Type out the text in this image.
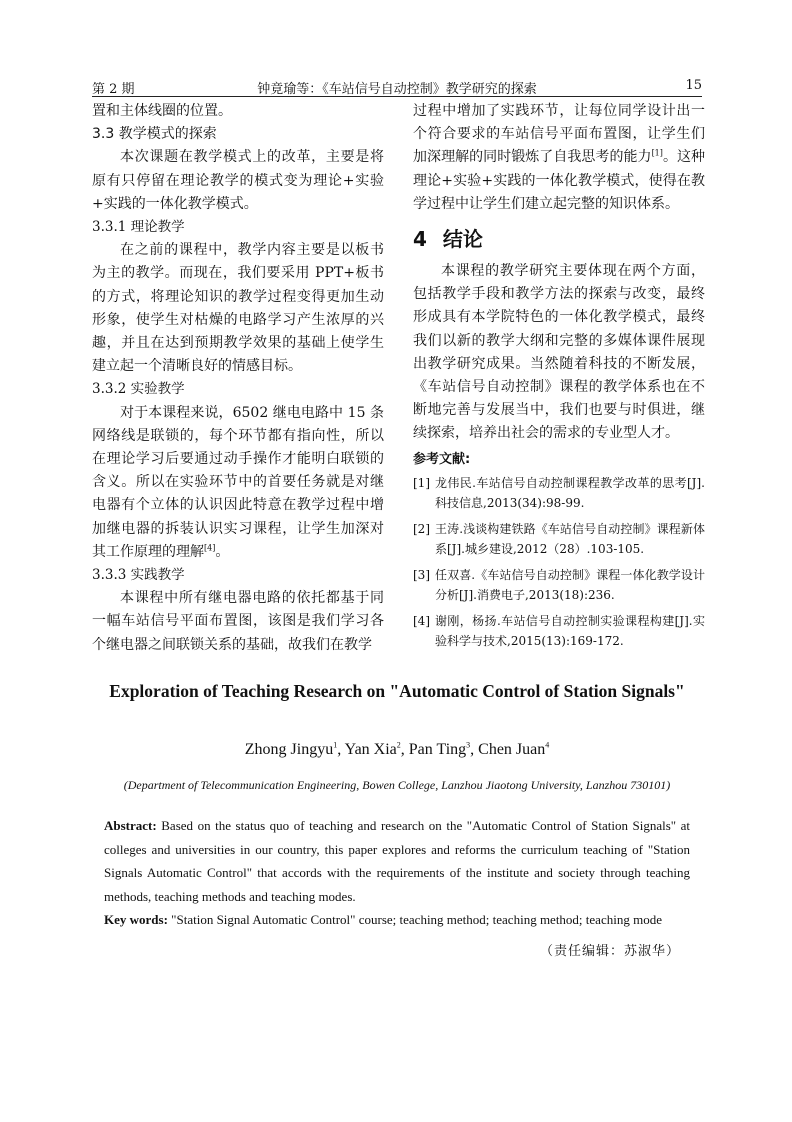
第 2 期	钟竟瑜等：《车站信号自动控制》教学研究的探索	15

置和主体线圈的位置。

3.3 教学模式的探索

本次课题在教学模式上的改革，主要是将原有只停留在理论教学的模式变为理论+实验+实践的一体化教学模式。

3.3.1 理论教学

在之前的课程中，教学内容主要是以板书为主的教学。而现在，我们要采用 PPT+板书的方式，将理论知识的教学过程变得更加生动形象，使学生对枯燥的电路学习产生浓厚的兴趣，并且在达到预期教学效果的基础上使学生建立起一个清晰良好的情感目标。

3.3.2 实验教学

对于本课程来说，6502 继电电路中 15 条网络线是联锁的，每个环节都有指向性，所以在理论学习后要通过动手操作才能明白联锁的含义。所以在实验环节中的首要任务就是对继电器有个立体的认识因此特意在教学过程中增加继电器的拆装认识实习课程，让学生加深对其工作原理的理解[4]。

3.3.3 实践教学

本课程中所有继电器电路的依托都基于同一幅车站信号平面布置图，该图是我们学习各个继电器之间联锁关系的基础，故我们在教学

过程中增加了实践环节，让每位同学设计出一个符合要求的车站信号平面布置图，让学生们加深理解的同时锻炼了自我思考的能力[1]。这种理论+实验+实践的一体化教学模式，使得在教学过程中让学生们建立起完整的知识体系。

4 结论

本课程的教学研究主要体现在两个方面，包括教学手段和教学方法的探索与改变，最终形成具有本学院特色的一体化教学模式，最终我们以新的教学大纲和完整的多媒体课件展现出教学研究成果。当然随着科技的不断发展，《车站信号自动控制》课程的教学体系也在不断地完善与发展当中，我们也要与时俱进，继续探索，培养出社会的需求的专业型人才。

参考文献:
[1] 龙伟民.车站信号自动控制课程教学改革的思考[J].科技信息,2013(34):98-99.
[2] 王涛.浅谈构建铁路《车站信号自动控制》课程新体系[J].城乡建设,2012（28）.103-105.
[3] 任双喜.《车站信号自动控制》课程一体化教学设计分析[J].消费电子,2013(18):236.
[4] 谢刚，杨扬.车站信号自动控制实验课程构建[J].实验科学与技术,2015(13):169-172.
Exploration of Teaching Research on "Automatic Control of Station Signals"
Zhong Jingyu$^1$, Yan Xia$^2$, Pan Ting$^3$, Chen Juan$^4$
(Department of Telecommunication Engineering, Bowen College, Lanzhou Jiaotong University, Lanzhou 730101)
Abstract: Based on the status quo of teaching and research on the "Automatic Control of Station Signals" at colleges and universities in our country, this paper explores and reforms the curriculum teaching of "Station Signals Automatic Control" that accords with the requirements of the institute and society through teaching methods, teaching methods and teaching modes.
Key words: "Station Signal Automatic Control" course; teaching method; teaching method; teaching mode
（责任编辑：苏淑华）
